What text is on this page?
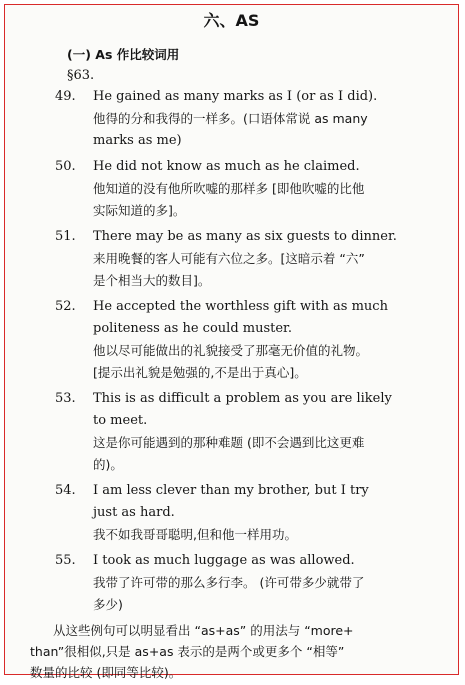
六、AS
(一) As 作比较词用
§63.
49. He gained as many marks as I (or as I did).
他得的分和我得的一样多。(口语体常说 as many
marks as me)
50. He did not know as much as he claimed.
他知道的没有他所吹嘘的那样多 [即他吹嘘的比他
实际知道的多]。
51. There may be as many as six guests to dinner.
来用晚餐的客人可能有六位之多。[这暗示着 “六”
是个相当大的数目]。
52. He accepted the worthless gift with as much
politeness as he could muster.
他以尽可能做出的礼貌接受了那毫无价值的礼物。
[提示出礼貌是勉强的,不是出于真心]。
53. This is as difficult a problem as you are likely
to meet.
这是你可能遇到的那种难题 (即不会遇到比这更难
的)。
54. I am less clever than my brother, but I try
just as hard.
我不如我哥哥聪明,但和他一样用功。
55. I took as much luggage as was allowed.
我带了许可带的那么多行李。 (许可带多少就带了
多少)
从这些例句可以明显看出 “as+as” 的用法与 “more+
than”很相似,只是 as+as 表示的是两个或更多个 “相等”
数量的比较 (即同等比较)。
